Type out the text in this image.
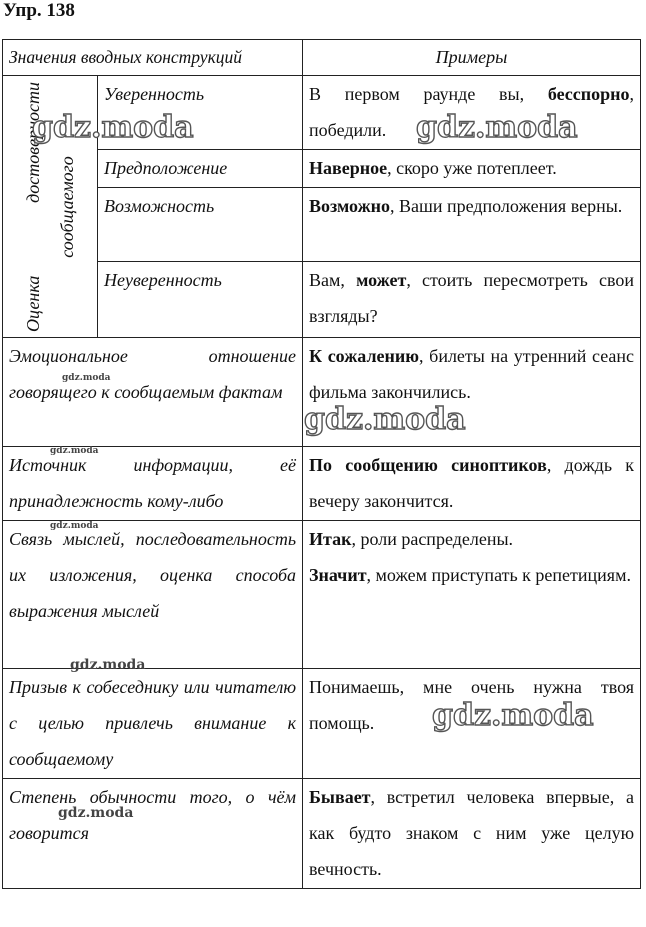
Упр. 138
Значения вводных конструкций		Примеры

Оценка
достоверности
сообщаемого	Уверенность	В первом раунде вы, бесспорно, победили.
	Предположение	Наверное, скоро уже потеплеет.
	Возможность	Возможно, Ваши предположения верны.
	Неуверенность	Вам, может, стоить пересмотреть свои взгляды?
Эмоциональное отношение говорящего к сообщаемым фактам		К сожалению, билеты на утренний сеанс фильма закончились.
Источник информации, её принадлежность кому-либо		По сообщению синоптиков, дождь к вечеру закончится.
Связь мыслей, последовательность их изложения, оценка способа выражения мыслей		Итак, роли распределены.
Значит, можем приступать к репетициям.

Призыв к собеседнику или читателю с целью привлечь внимание к сообщаемому		Понимаешь, мне очень нужна твоя помощь.
Степень обычности того, о чём говорится		Бывает, встретил человека впервые, а как будто знаком с ним уже целую вечность.
gdz.moda	gdz.moda
gdz.moda
gdz.moda
gdz.moda
gdz.moda
gdz.moda
gdz.moda
gdz.moda
